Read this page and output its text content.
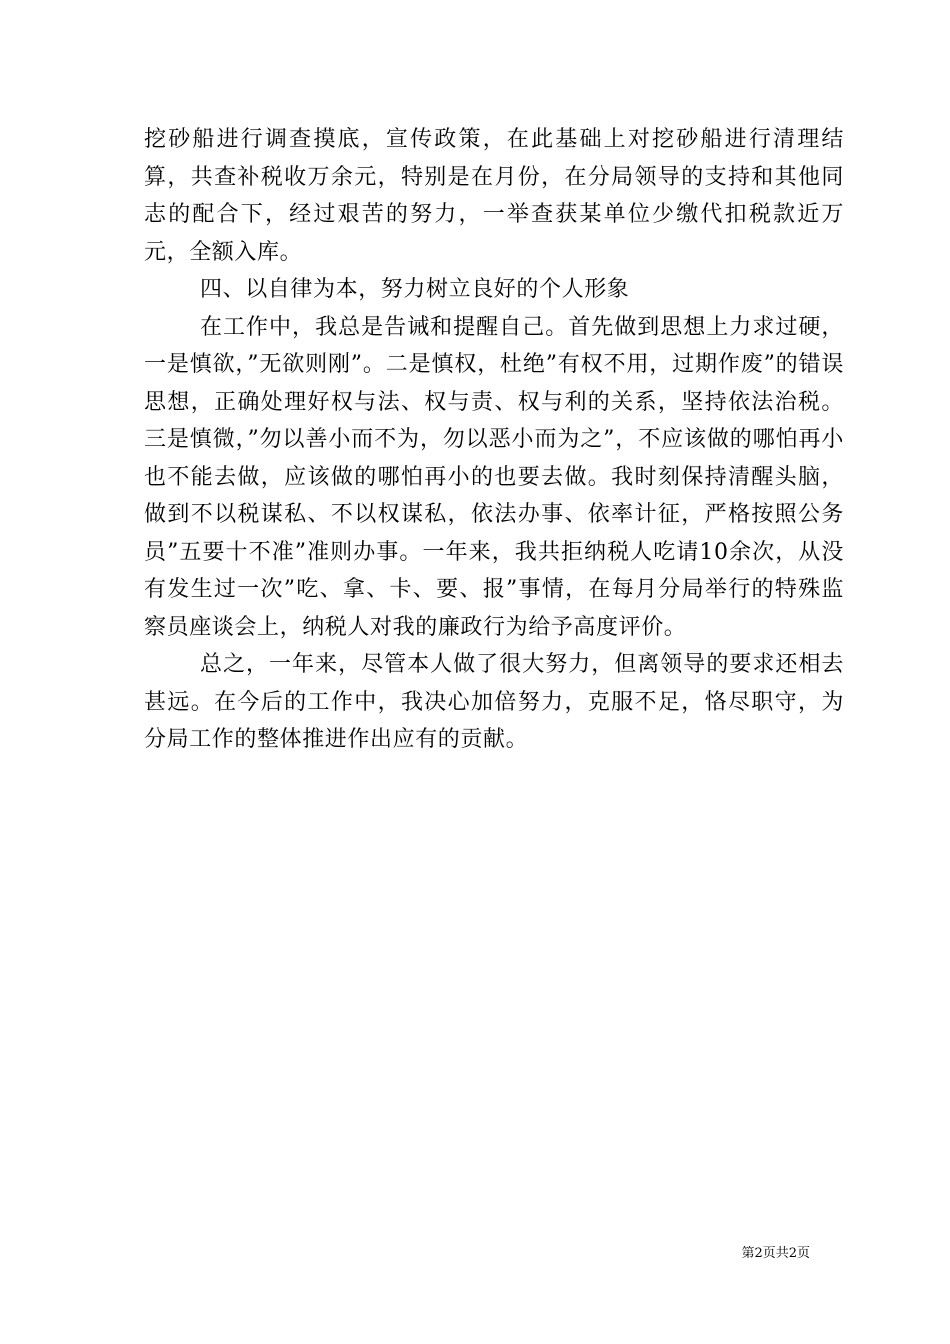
挖砂船进行调查摸底，宣传政策，在此基础上对挖砂船进行清理结算，共查补税收万余元，特别是在月份，在分局领导的支持和其他同志的配合下，经过艰苦的努力，一举查获某单位少缴代扣税款近万元，全额入库。

四、以自律为本，努力树立良好的个人形象

在工作中，我总是告诫和提醒自己。首先做到思想上力求过硬，一是慎欲，”无欲则刚”。二是慎权，杜绝”有权不用，过期作废”的错误思想，正确处理好权与法、权与责、权与利的关系，坚持依法治税。三是慎微，”勿以善小而不为，勿以恶小而为之”，不应该做的哪怕再小也不能去做，应该做的哪怕再小的也要去做。我时刻保持清醒头脑，做到不以税谋私、不以权谋私，依法办事、依率计征，严格按照公务员”五要十不准”准则办事。一年来，我共拒纳税人吃请10余次，从没有发生过一次”吃、拿、卡、要、报”事情，在每月分局举行的特殊监察员座谈会上，纳税人对我的廉政行为给予高度评价。

总之，一年来，尽管本人做了很大努力，但离领导的要求还相去甚远。在今后的工作中，我决心加倍努力，克服不足，恪尽职守，为分局工作的整体推进作出应有的贡献。

第2页共2页
